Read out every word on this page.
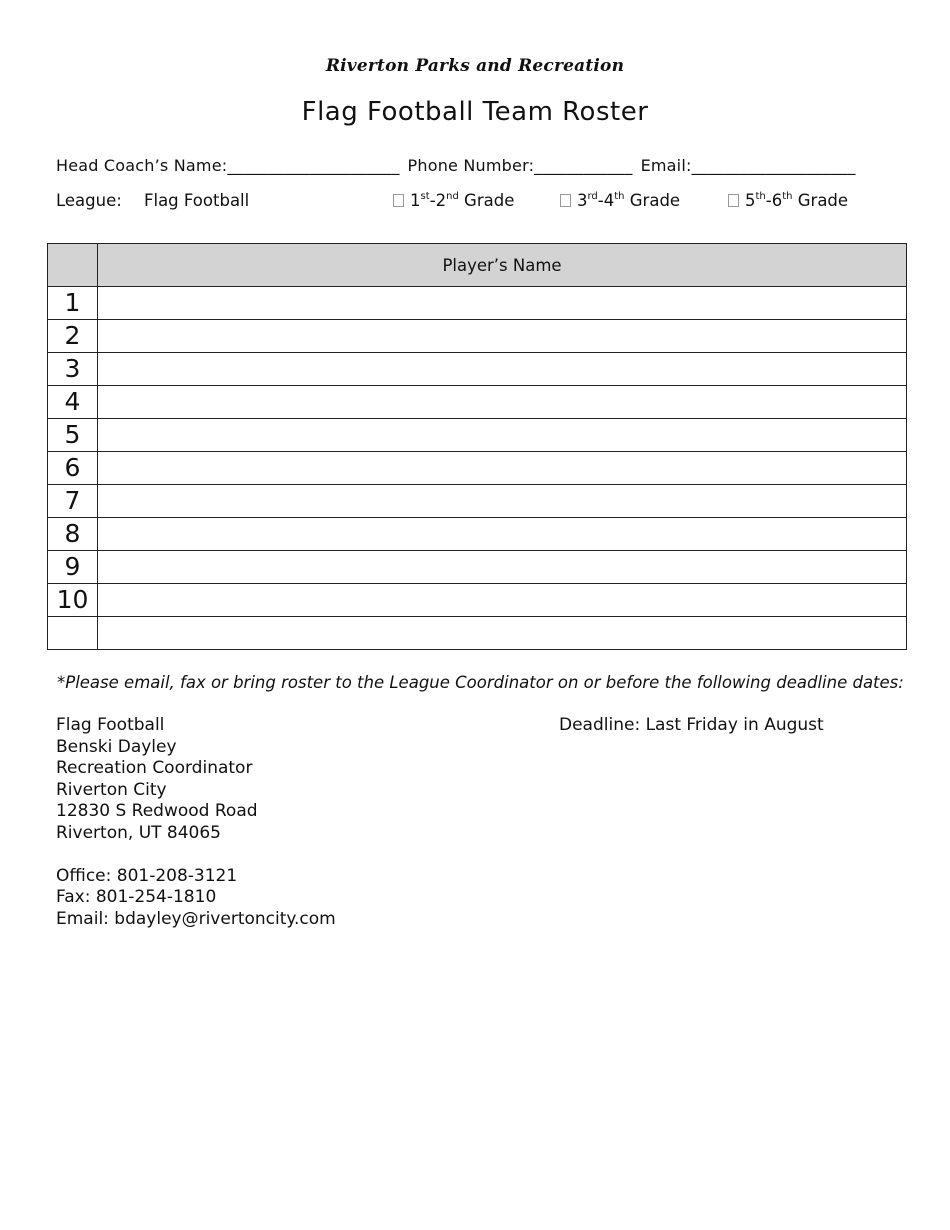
Riverton Parks and Recreation
Flag Football Team Roster
Head Coach’s Name:_____________________ Phone Number:____________ Email:____________________
League: Flag Football	1st-2nd Grade	3rd-4th Grade	5th-6th Grade
	Player’s Name
1	
2	
3	
4	
5	
6	
7	
8	
9	
10	

*Please email, fax or bring roster to the League Coordinator on or before the following deadline dates:
Flag Football
Benski Dayley
Recreation Coordinator
Riverton City
12830 S Redwood Road
Riverton, UT 84065
Office: 801-208-3121
Fax: 801-254-1810
Email: bdayley@rivertoncity.com
Deadline: Last Friday in August
